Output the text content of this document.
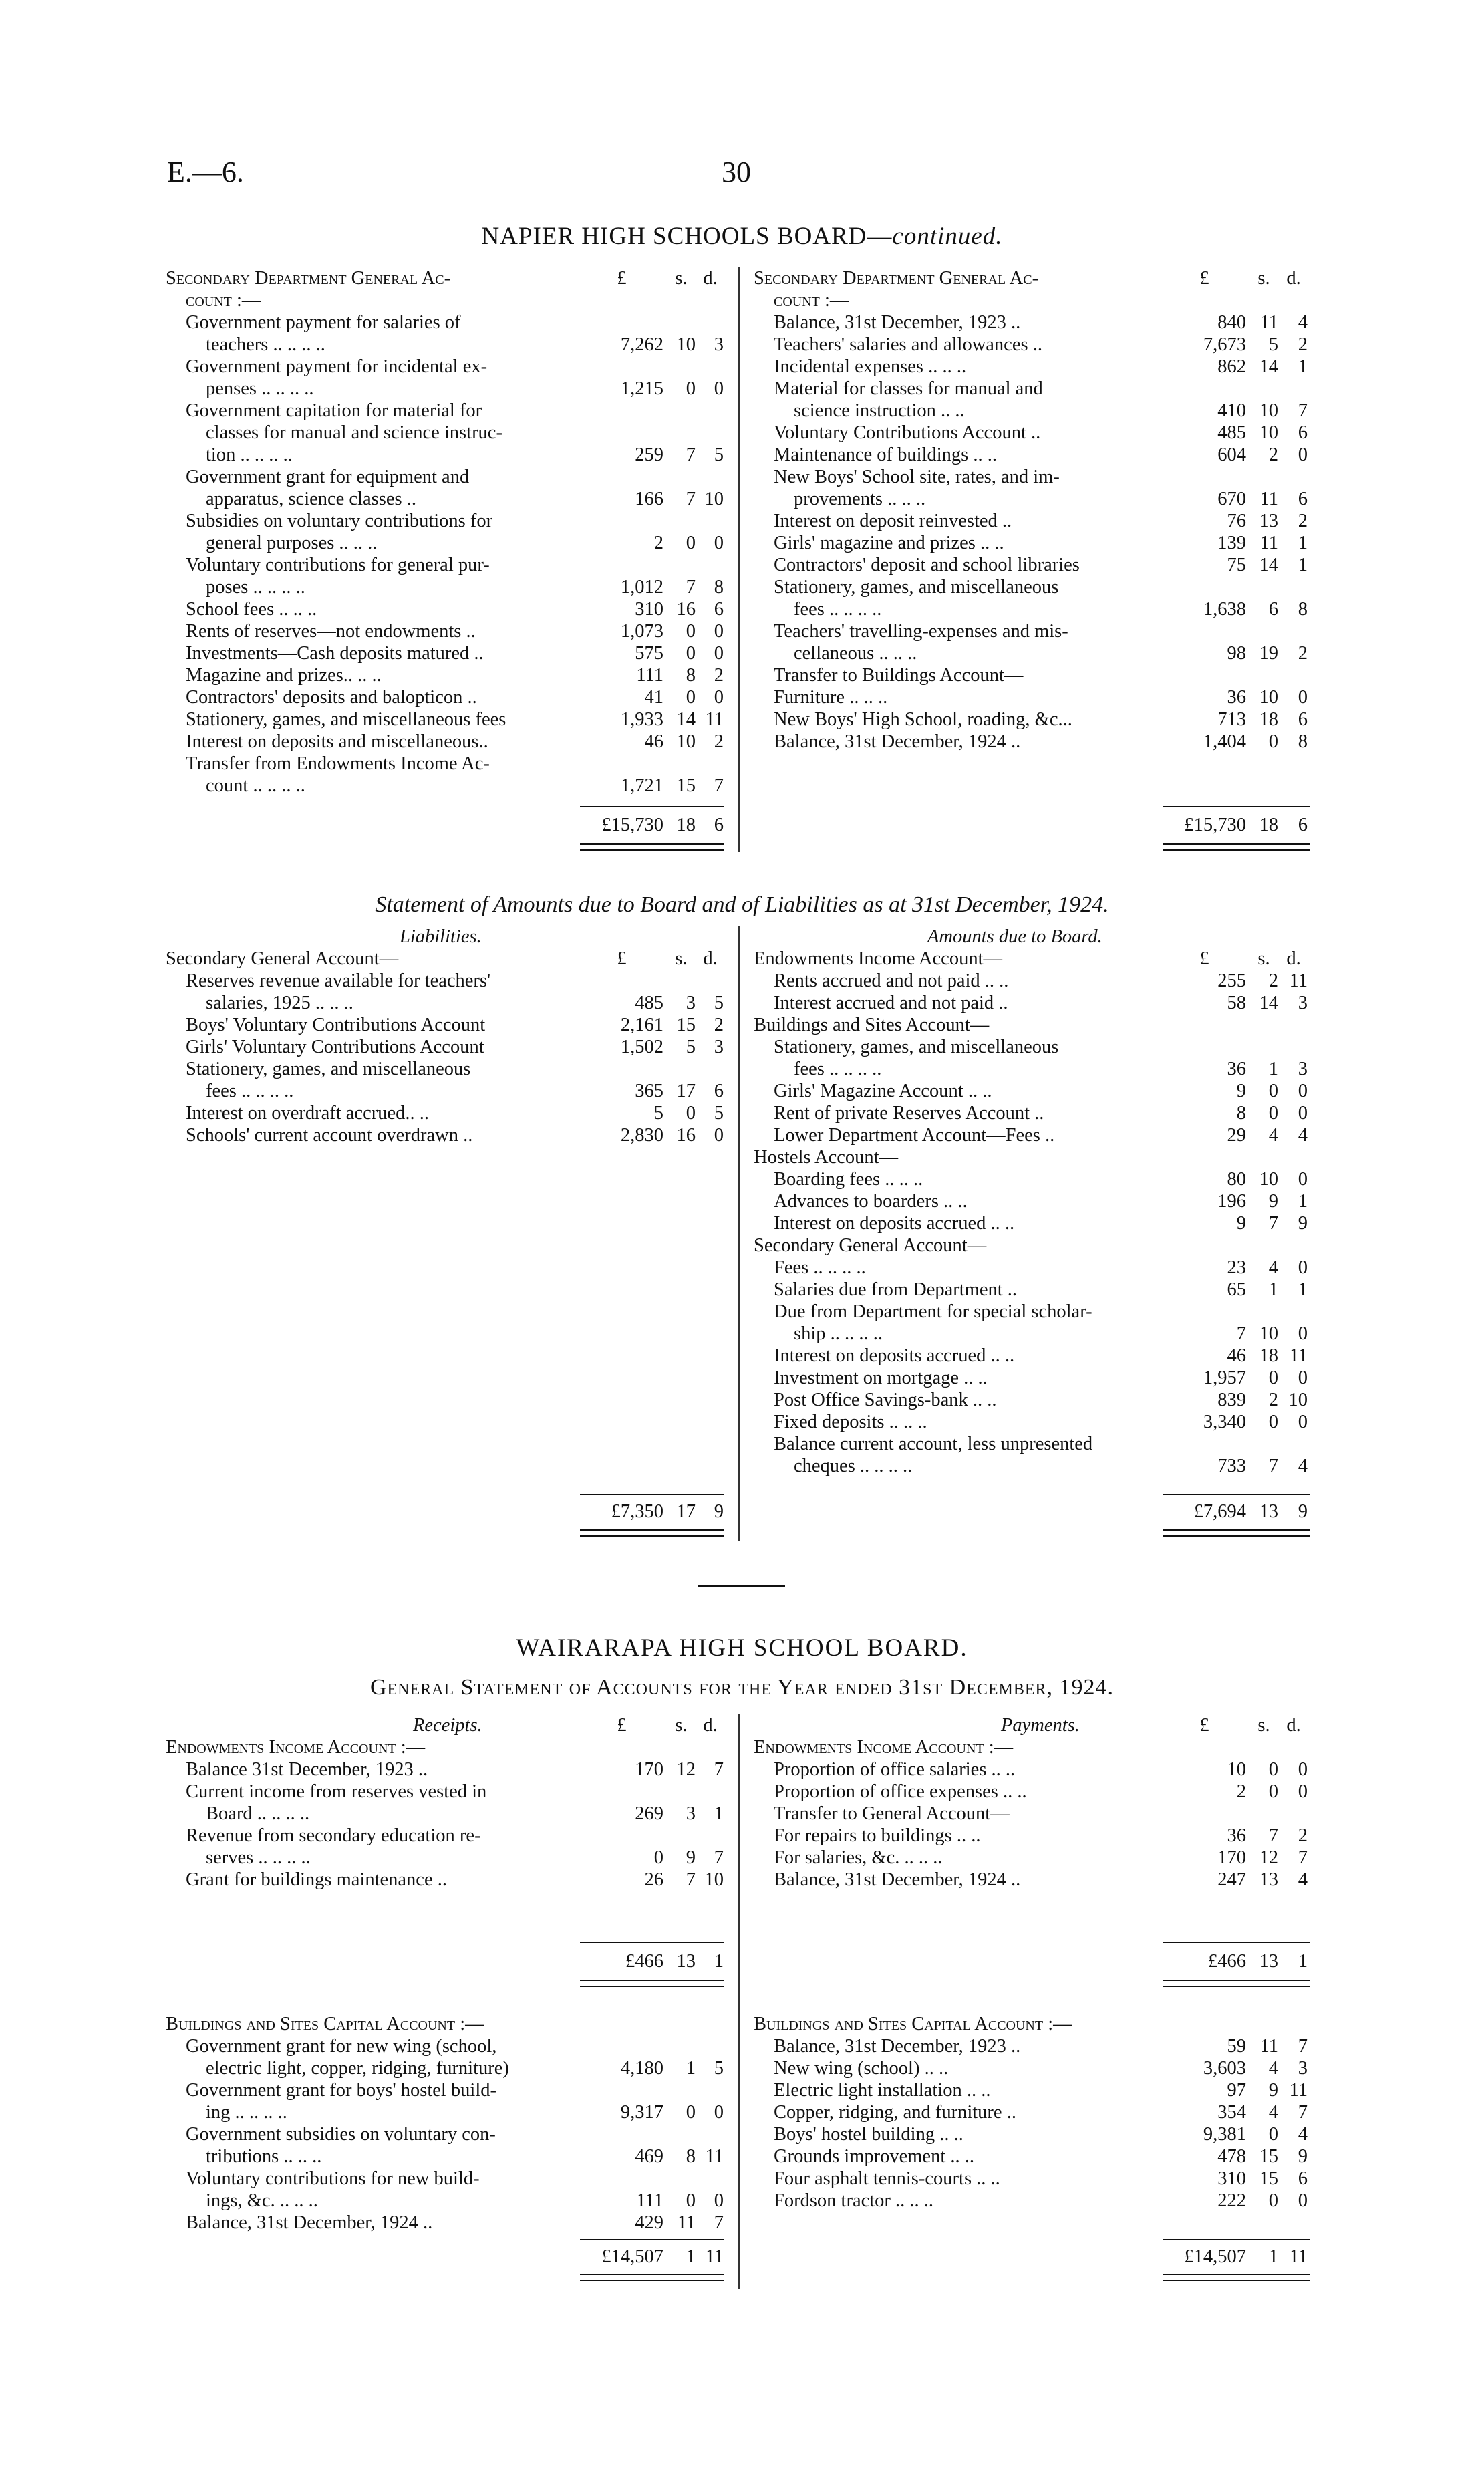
E.—6.	30
NAPIER HIGH SCHOOLS BOARD—continued.
Secondary Department General Ac-	£	s. d.
count :—
Government payment for salaries of
teachers .. .. .. ..	7,262 10 3
Government payment for incidental ex-
penses .. .. .. ..	1,215	0 0
Government capitation for material for
classes for manual and science instruc-
tion .. .. .. ..	259	7 5
Government grant for equipment and
apparatus, science classes ..	166	7 10
Subsidies on voluntary contributions for
general purposes .. .. ..	2	0 0
Voluntary contributions for general pur-
poses .. .. .. ..	1,012	7 8
School fees .. .. ..	310 16 6
Rents of reserves—not endowments ..	1,073	0 0
Investments—Cash deposits matured ..	575	0 0
Magazine and prizes.. .. ..	111	8 2
Contractors' deposits and balopticon ..	41	0 0
Stationery, games, and miscellaneous fees	1,933 14 11
Interest on deposits and miscellaneous..	46 10 2
Transfer from Endowments Income Ac-
count .. .. .. ..	1,721 15 7
Secondary Department General Ac-	£	s. d.
count :—
Balance, 31st December, 1923 ..	840 11	4
Teachers' salaries and allowances ..	7,673	5	2
Incidental expenses .. .. ..	862 14	1
Material for classes for manual and
science instruction .. ..	410 10	7
Voluntary Contributions Account ..	485 10	6
Maintenance of buildings .. ..	604	2	0
New Boys' School site, rates, and im-
provements .. .. ..	670 11	6
Interest on deposit reinvested ..	76 13	2
Girls' magazine and prizes .. ..	139 11	1
Contractors' deposit and school libraries	75 14	1
Stationery, games, and miscellaneous
fees .. .. .. ..	1,638	6	8
Teachers' travelling-expenses and mis-
cellaneous .. .. ..	98 19	2
Transfer to Buildings Account—
Furniture .. .. ..	36 10	0
New Boys' High School, roading, &c...	713 18	6
Balance, 31st December, 1924 ..	1,404	0	8
£15,730 18 6	£15,730 18	6
Statement of Amounts due to Board and of Liabilities as at 31st December, 1924.
Liabilities.
£	s. d.
Secondary General Account—
Reserves revenue available for teachers'
salaries, 1925 .. .. ..	485	3 5
Boys' Voluntary Contributions Account	2,161 15 2
Girls' Voluntary Contributions Account	1,502	5 3
Stationery, games, and miscellaneous
fees .. .. .. ..	365 17 6
Interest on overdraft accrued.. ..	5	0 5
Schools' current account overdrawn ..	2,830 16 0
Amounts due to Board.
£	s. d.
Endowments Income Account—
Rents accrued and not paid .. ..	255	2 11
Interest accrued and not paid ..	58 14	3
Buildings and Sites Account—
Stationery, games, and miscellaneous
fees .. .. .. ..	36	1	3
Girls' Magazine Account .. ..	9	0	0
Rent of private Reserves Account ..	8	0	0
Lower Department Account—Fees ..	29	4	4
Hostels Account—
Boarding fees .. .. ..	80 10	0
Advances to boarders .. ..	196	9	1
Interest on deposits accrued .. ..	9	7	9
Secondary General Account—
Fees .. .. .. ..	23	4	0
Salaries due from Department ..	65	1	1
Due from Department for special scholar-
ship .. .. .. ..	7 10	0
Interest on deposits accrued .. ..	46 18 11
Investment on mortgage .. ..	1,957	0	0
Post Office Savings-bank .. ..	839	2 10
Fixed deposits .. .. ..	3,340	0	0
Balance current account, less unpresented
cheques .. .. .. ..	733	7	4
£7,350 17 9	£7,694 13	9
WAIRARAPA HIGH SCHOOL BOARD.
General Statement of Accounts for the Year ended 31st December, 1924.
Receipts.	£	s. d.
Endowments Income Account :—
Balance 31st December, 1923 ..	170 12 7
Current income from reserves vested in
Board .. .. .. ..	269	3 1
Revenue from secondary education re-
serves .. .. .. ..	0	9 7
Grant for buildings maintenance ..	26	7 10
Payments.	£	s. d.
Endowments Income Account :—
Proportion of office salaries .. ..	10	0	0
Proportion of office expenses .. ..	2	0	0
Transfer to General Account—
For repairs to buildings .. ..	36	7	2
For salaries, &c. .. .. ..	170 12	7
Balance, 31st December, 1924 ..	247 13	4
£466 13 1	£466 13	1
Buildings and Sites Capital Account :—
Government grant for new wing (school,
electric light, copper, ridging, furniture)	4,180	1 5
Government grant for boys' hostel build-
ing .. .. .. ..	9,317	0 0
Government subsidies on voluntary con-
tributions .. .. ..	469	8 11
Voluntary contributions for new build-
ings, &c. .. .. ..	111	0 0
Balance, 31st December, 1924 ..	429 11 7
Buildings and Sites Capital Account :—
Balance, 31st December, 1923 ..	59 11	7
New wing (school) .. ..	3,603	4	3
Electric light installation .. ..	97	9 11
Copper, ridging, and furniture ..	354	4	7
Boys' hostel building .. ..	9,381	0	4
Grounds improvement .. ..	478 15	9
Four asphalt tennis-courts .. ..	310 15	6
Fordson tractor .. .. ..	222	0	0
£14,507	1 11	£14,507	1 11
